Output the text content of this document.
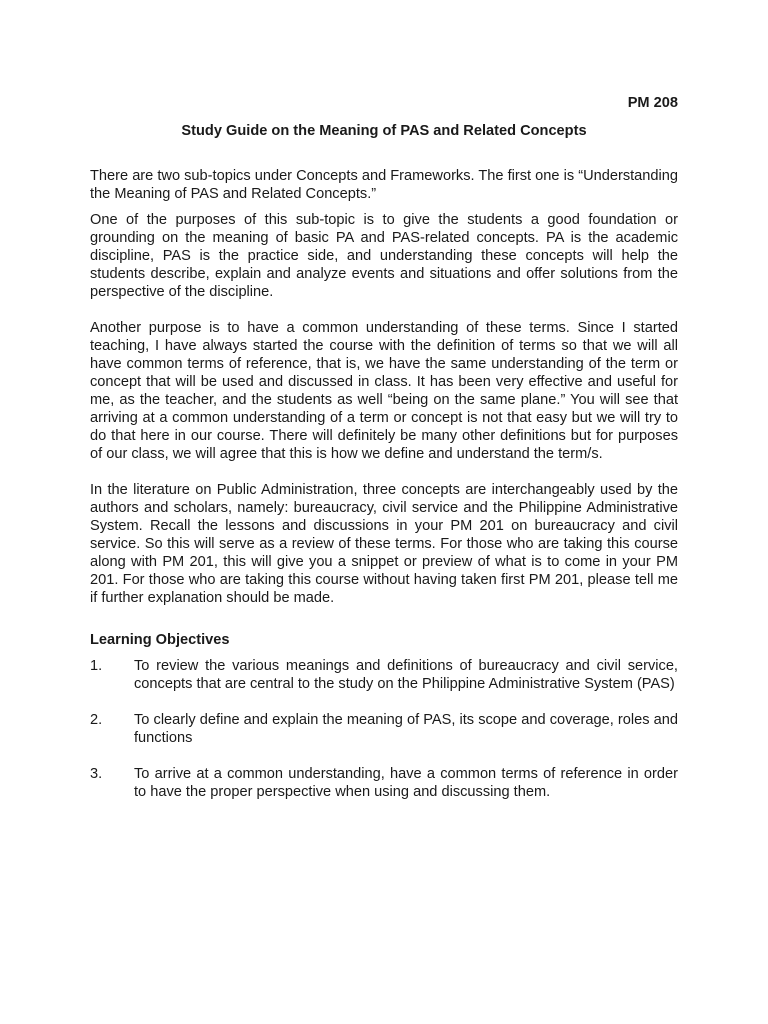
PM 208

Study Guide on the Meaning of PAS and Related Concepts

There are two sub-topics under Concepts and Frameworks. The first one is “Understanding the Meaning of PAS and Related Concepts.”

One of the purposes of this sub-topic is to give the students a good foundation or grounding on the meaning of basic PA and PAS-related concepts. PA is the academic discipline, PAS is the practice side, and understanding these concepts will help the students describe, explain and analyze events and situations and offer solutions from the perspective of the discipline.

Another purpose is to have a common understanding of these terms. Since I started teaching, I have always started the course with the definition of terms so that we will all have common terms of reference, that is, we have the same understanding of the term or concept that will be used and discussed in class. It has been very effective and useful for me, as the teacher, and the students as well “being on the same plane.” You will see that arriving at a common understanding of a term or concept is not that easy but we will try to do that here in our course. There will definitely be many other definitions but for purposes of our class, we will agree that this is how we define and understand the term/s.

In the literature on Public Administration, three concepts are interchangeably used by the authors and scholars, namely: bureaucracy, civil service and the Philippine Administrative System. Recall the lessons and discussions in your PM 201 on bureaucracy and civil service. So this will serve as a review of these terms. For those who are taking this course along with PM 201, this will give you a snippet or preview of what is to come in your PM 201. For those who are taking this course without having taken first PM 201, please tell me if further explanation should be made.

Learning Objectives

1.	To review the various meanings and definitions of bureaucracy and civil service, concepts that are central to the study on the Philippine Administrative System (PAS)
2.	To clearly define and explain the meaning of PAS, its scope and coverage, roles and functions
3.	To arrive at a common understanding, have a common terms of reference in order to have the proper perspective when using and discussing them.
